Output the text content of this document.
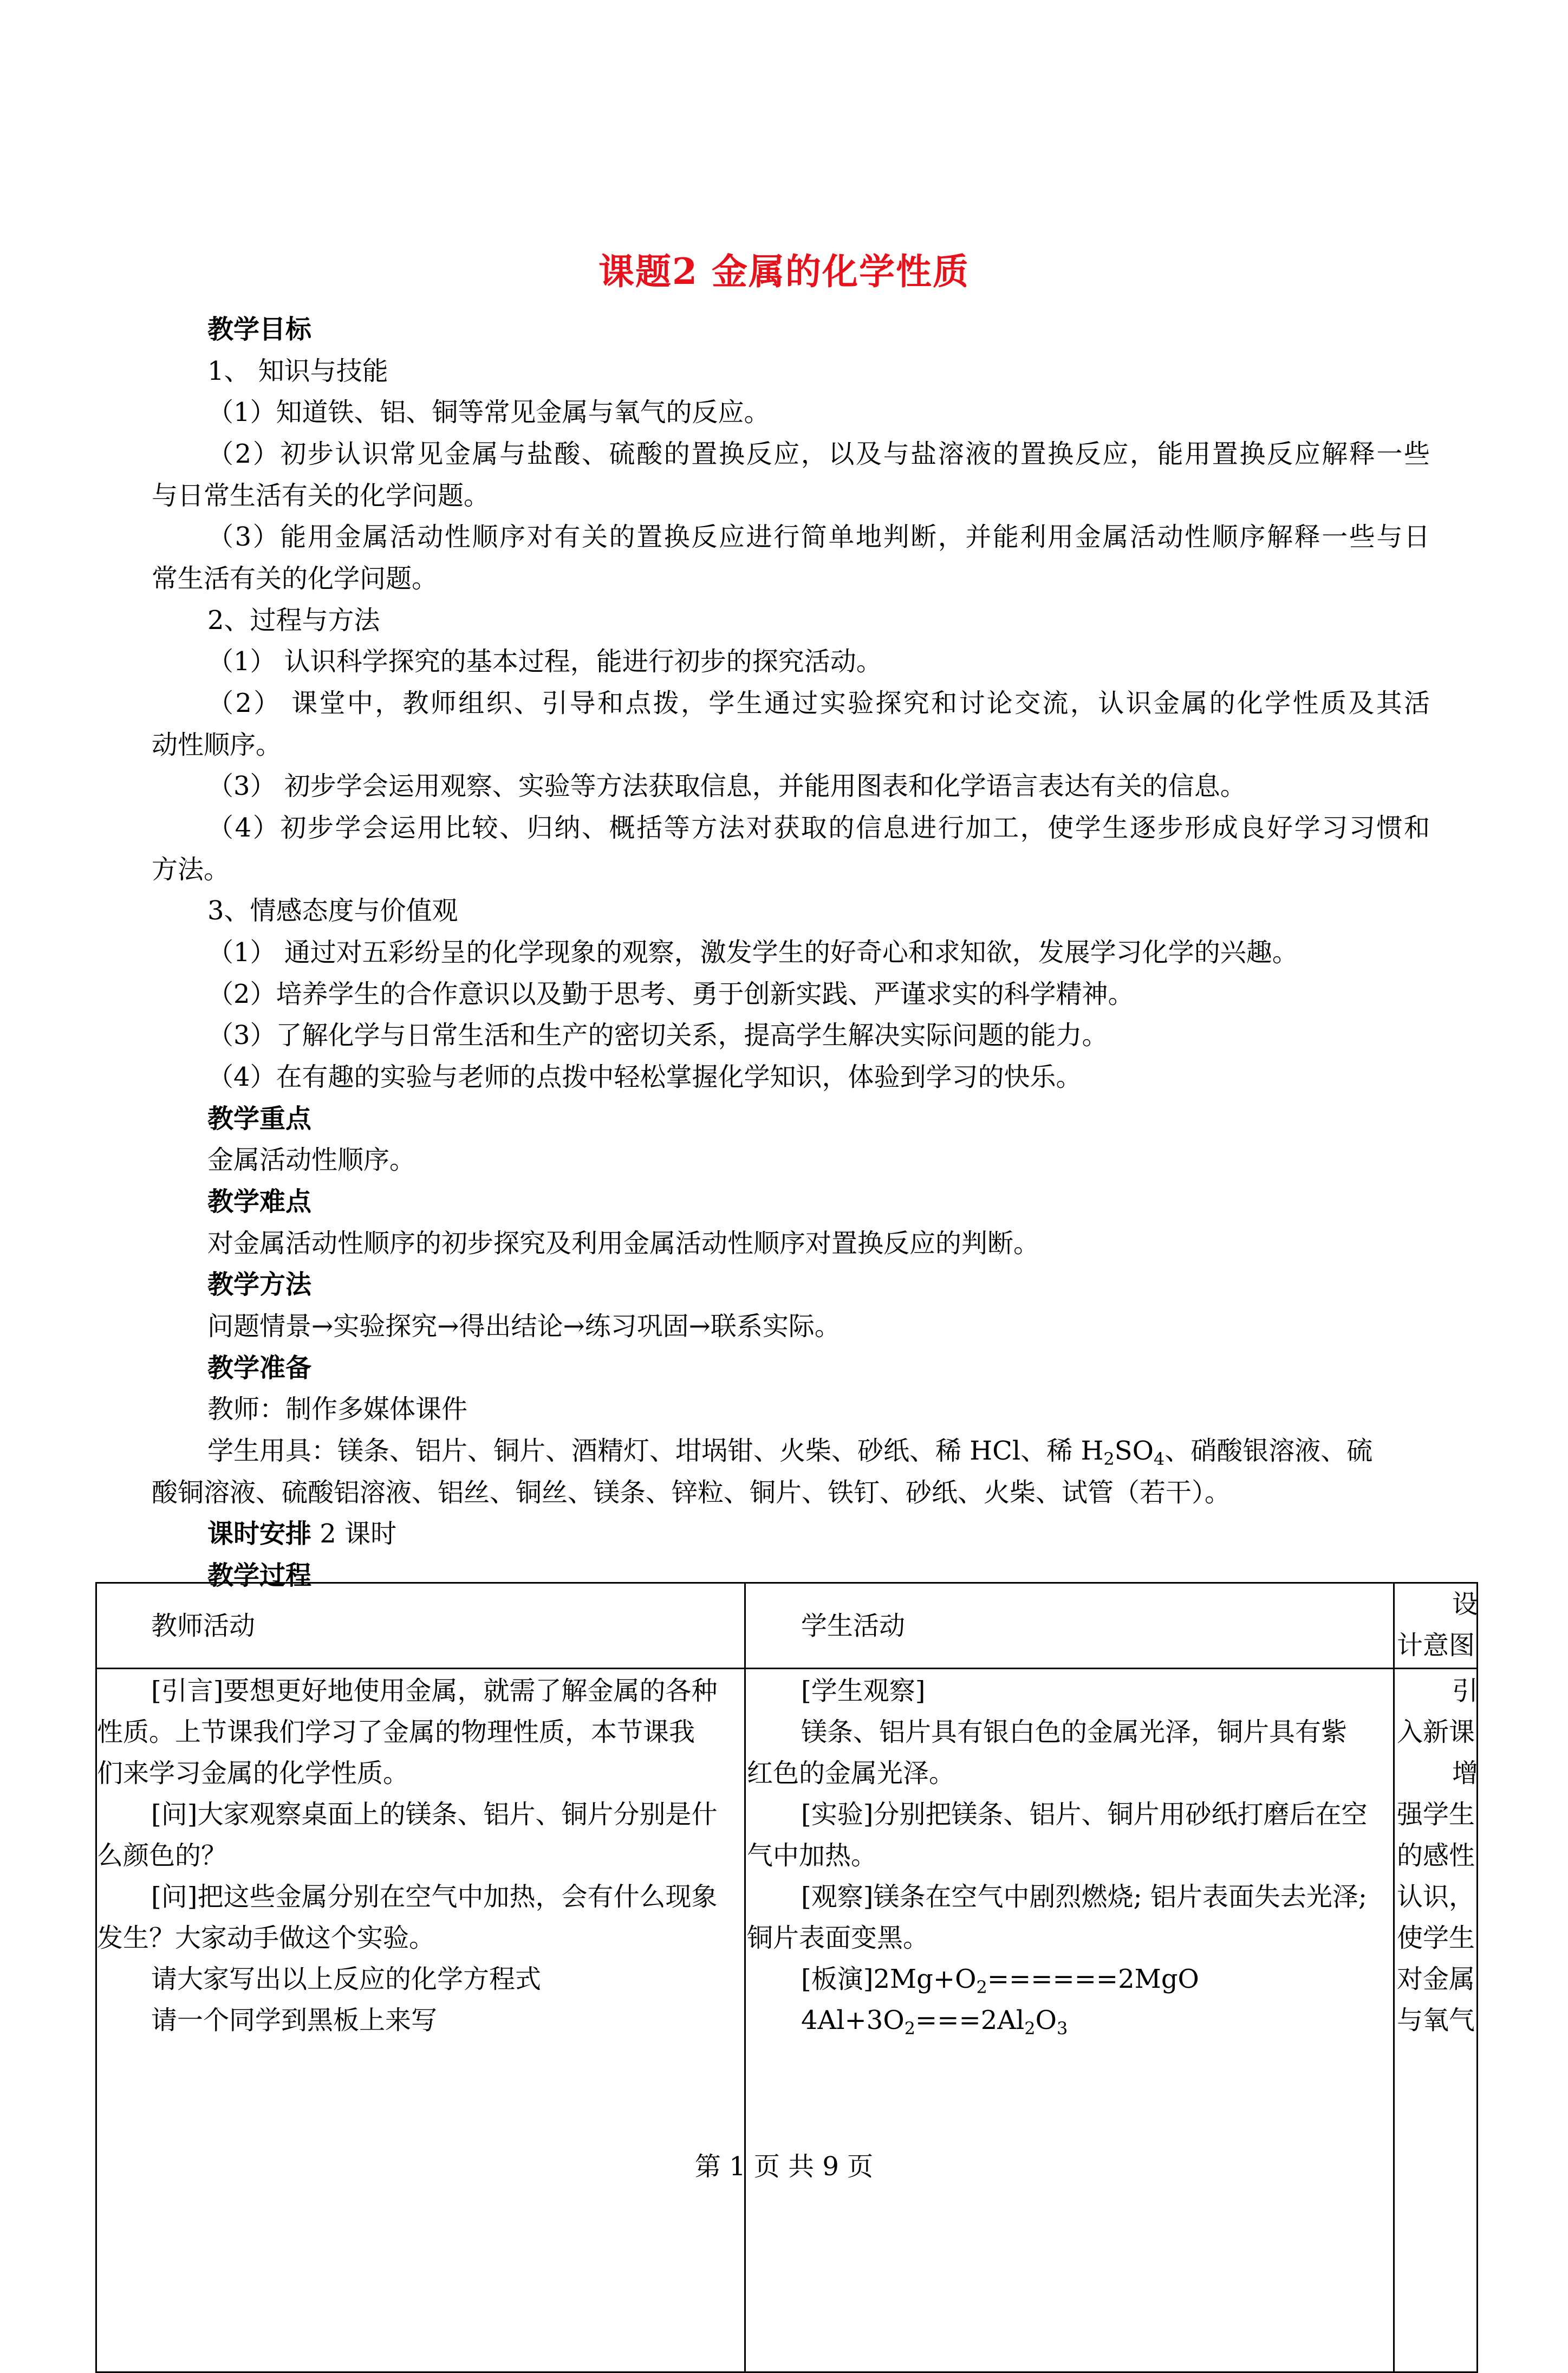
课题2 金属的化学性质
教学目标
1、 知识与技能
（1）知道铁、铝、铜等常见金属与氧气的反应。
（2）初步认识常见金属与盐酸、硫酸的置换反应，以及与盐溶液的置换反应，能用置换反应解释一些
与日常生活有关的化学问题。
（3）能用金属活动性顺序对有关的置换反应进行简单地判断，并能利用金属活动性顺序解释一些与日
常生活有关的化学问题。
2、过程与方法
（1） 认识科学探究的基本过程，能进行初步的探究活动。
（2） 课堂中，教师组织、引导和点拨，学生通过实验探究和讨论交流，认识金属的化学性质及其活
动性顺序。
（3） 初步学会运用观察、实验等方法获取信息，并能用图表和化学语言表达有关的信息。
（4）初步学会运用比较、归纳、概括等方法对获取的信息进行加工，使学生逐步形成良好学习习惯和
方法。
3、情感态度与价值观
（1） 通过对五彩纷呈的化学现象的观察，激发学生的好奇心和求知欲，发展学习化学的兴趣。
（2）培养学生的合作意识以及勤于思考、勇于创新实践、严谨求实的科学精神。
（3）了解化学与日常生活和生产的密切关系，提高学生解决实际问题的能力。
（4）在有趣的实验与老师的点拨中轻松掌握化学知识，体验到学习的快乐。
教学重点
金属活动性顺序。
教学难点
对金属活动性顺序的初步探究及利用金属活动性顺序对置换反应的判断。
教学方法
问题情景→实验探究→得出结论→练习巩固→联系实际。
教学准备
教师：制作多媒体课件
学生用具：镁条、铝片、铜片、酒精灯、坩埚钳、火柴、砂纸、稀 HCl、稀 $H_2SO_4$、硝酸银溶液、硫
酸铜溶液、硫酸铝溶液、铝丝、铜丝、镁条、锌粒、铜片、铁钉、砂纸、火柴、试管（若干）。
课时安排 2 课时
教学过程
教师活动	学生活动
设
计意图
[引言]要想更好地使用金属，就需了解金属的各种
性质。上节课我们学习了金属的物理性质，本节课我
们来学习金属的化学性质。
[问]大家观察桌面上的镁条、铝片、铜片分别是什
么颜色的？
[问]把这些金属分别在空气中加热，会有什么现象
发生？大家动手做这个实验。
请大家写出以上反应的化学方程式
请一个同学到黑板上来写
[学生观察]
镁条、铝片具有银白色的金属光泽，铜片具有紫
红色的金属光泽。
[实验]分别把镁条、铝片、铜片用砂纸打磨后在空
气中加热。
[观察]镁条在空气中剧烈燃烧; 铝片表面失去光泽;
铜片表面变黑。
[板演]$2Mg+O_2======2MgO$
$4Al+3O_2===2Al_2O_3$
引
入新课
增
强学生
的感性
认识，
使学生
对金属
与氧气
第 1 页 共 9 页
